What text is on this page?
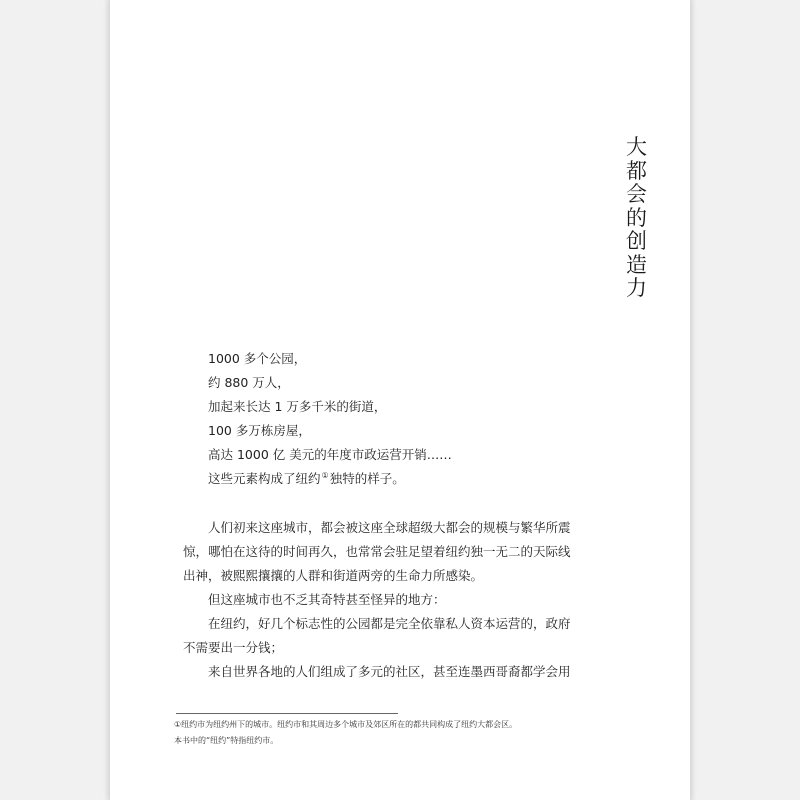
大都会的创造力
1000 多个公园，
约 880 万人，
加起来长达 1 万多千米的街道，
100 多万栋房屋，
高达 1000 亿 美元的年度市政运营开销……
这些元素构成了纽约①独特的样子。
人们初来这座城市，都会被这座全球超级大都会的规模与繁华所震
惊，哪怕在这待的时间再久，也常常会驻足望着纽约独一无二的天际线
出神，被熙熙攘攘的人群和街道两旁的生命力所感染。
但这座城市也不乏其奇特甚至怪异的地方：
在纽约，好几个标志性的公园都是完全依靠私人资本运营的，政府
不需要出一分钱；
来自世界各地的人们组成了多元的社区，甚至连墨西哥裔都学会用
①纽约市为纽约州下的城市。纽约市和其周边多个城市及郊区所在的都共同构成了纽约大都会区。
本书中的“纽约”特指纽约市。
